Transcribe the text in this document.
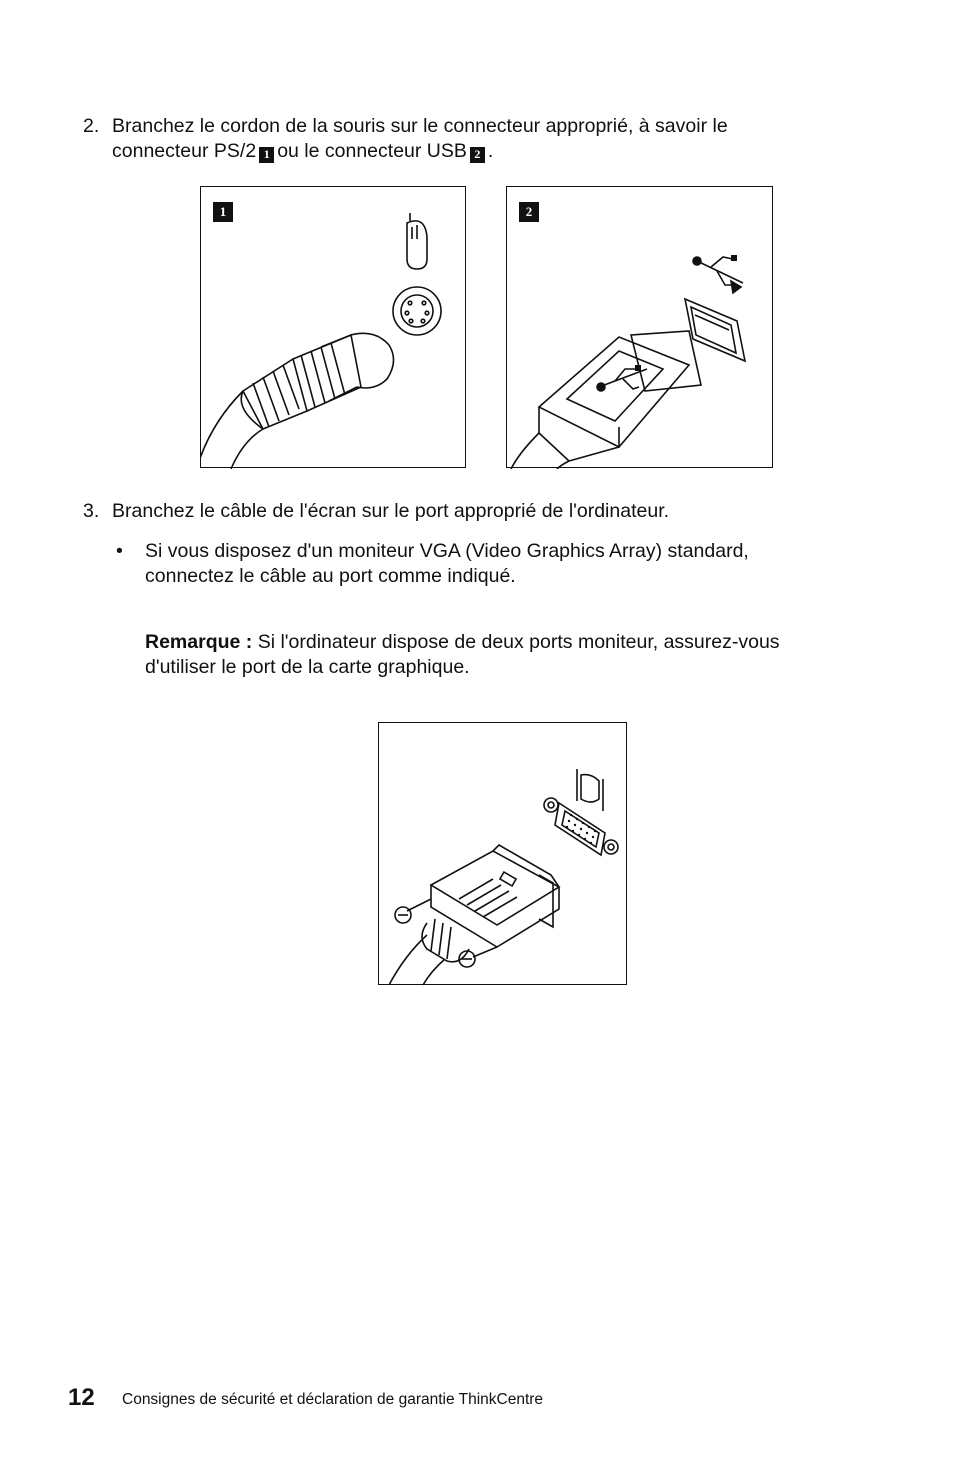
2. Branchez le cordon de la souris sur le connecteur approprié, à savoir le
connecteur PS/2 1 ou le connecteur USB 2 .

1	2
3. Branchez le câble de l'écran sur le port approprié de l'ordinateur.

• Si vous disposez d'un moniteur VGA (Video Graphics Array) standard,
connectez le câble au port comme indiqué.

Remarque : Si l'ordinateur dispose de deux ports moniteur, assurez-vous
d'utiliser le port de la carte graphique.

12 Consignes de sécurité et déclaration de garantie ThinkCentre
